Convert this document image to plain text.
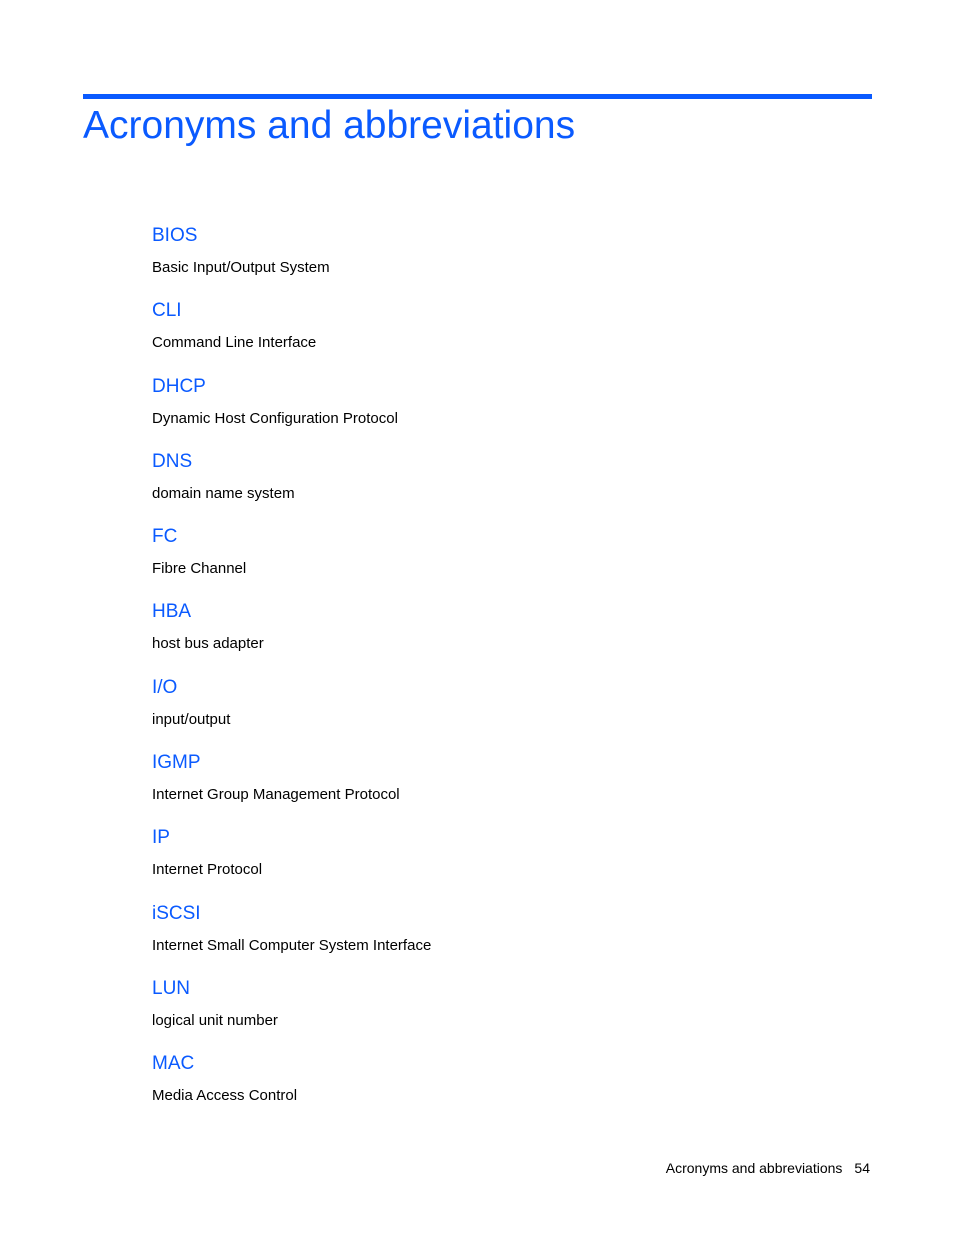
Acronyms and abbreviations
BIOS
Basic Input/Output System
CLI
Command Line Interface
DHCP
Dynamic Host Configuration Protocol
DNS
domain name system
FC
Fibre Channel
HBA
host bus adapter
I/O
input/output
IGMP
Internet Group Management Protocol
IP
Internet Protocol
iSCSI
Internet Small Computer System Interface
LUN
logical unit number
MAC
Media Access Control
Acronyms and abbreviations 54
